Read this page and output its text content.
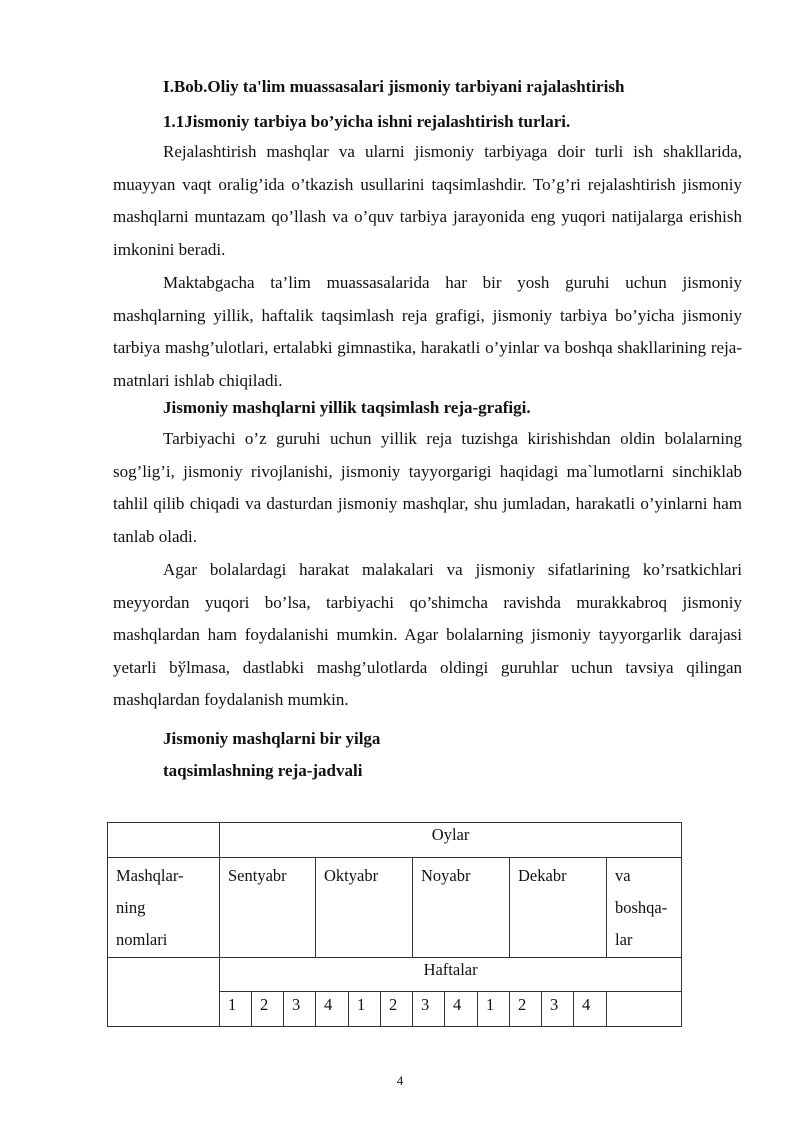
I.Bob.Oliy ta'lim muassasalari jismoniy tarbiyani rajalashtirish
1.1Jismoniy tarbiya bo’yicha ishni rejalashtirish turlari.

Rejalashtirish mashqlar va ularni jismoniy tarbiyaga doir turli ish shakllarida, muayyan vaqt oralig’ida o’tkazish usullarini taqsimlashdir. To’g’ri rejalashtirish jismoniy mashqlarni muntazam qo’llash va o’quv tarbiya jarayonida eng yuqori natijalarga erishish imkonini beradi.

Maktabgacha ta’lim muassasalarida har bir yosh guruhi uchun jismoniy mashqlarning yillik, haftalik taqsimlash reja grafigi, jismoniy tarbiya bo’yicha jismoniy tarbiya mashg’ulotlari, ertalabki gimnastika, harakatli o’yinlar va boshqa shakllarining reja-matnlari ishlab chiqiladi.

Jismoniy mashqlarni yillik taqsimlash reja-grafigi.

Tarbiyachi o’z guruhi uchun yillik reja tuzishga kirishishdan oldin bolalarning sog’lig’i, jismoniy rivojlanishi, jismoniy tayyorgarigi haqidagi ma`lumotlarni sinchiklab tahlil qilib chiqadi va dasturdan jismoniy mashqlar, shu jumladan, harakatli o’yinlarni ham tanlab oladi.

Agar bolalardagi harakat malakalari va jismoniy sifatlarining ko’rsatkichlari meyyordan yuqori bo’lsa, tarbiyachi qo’shimcha ravishda murakkabroq jismoniy mashqlardan ham foydalanishi mumkin. Agar bolalarning jismoniy tayyorgarlik darajasi yetarli bўlmasa, dastlabki mashg’ulotlarda oldingi guruhlar uchun tavsiya qilingan mashqlardan foydalanish mumkin.

Jismoniy mashqlarni bir yilga
taqsimlashning reja-jadvali
	Oylar												
Mashqlar-
ning
nomlari	Sentyabr			Oktyabr			Noyabr			Dekabr			va
boshqa-
lar
	Haftalar												
	1	2	3	4	1	2	3	4	1	2	3	4	
4
